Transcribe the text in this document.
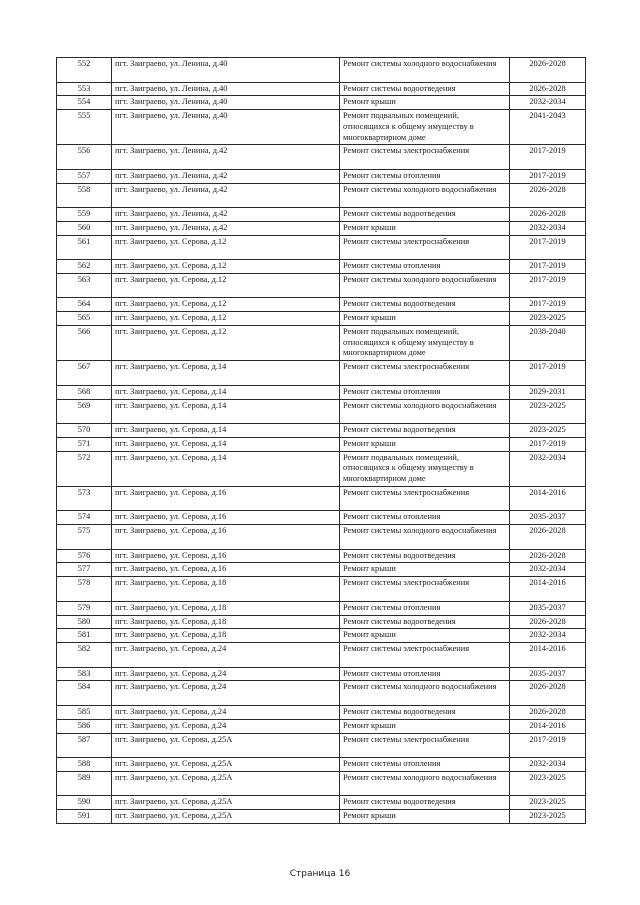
552	пгт. Заиграево, ул. Ленина, д.40	Ремонт системы холодного водоснабжения	2026-2028
553	пгт. Заиграево, ул. Ленина, д.40	Ремонт системы водоотведения	2026-2028
554	пгт. Заиграево, ул. Ленина, д.40	Ремонт крыши	2032-2034
555	пгт. Заиграево, ул. Ленина, д.40	Ремонт подвальных помещений, относящихся к общему имуществу в многоквартирном доме	2041-2043
556	пгт. Заиграево, ул. Ленина, д.42	Ремонт системы электроснабжения	2017-2019
557	пгт. Заиграево, ул. Ленина, д.42	Ремонт системы отопления	2017-2019
558	пгт. Заиграево, ул. Ленина, д.42	Ремонт системы холодного водоснабжения	2026-2028
559	пгт. Заиграево, ул. Ленина, д.42	Ремонт системы водоотведения	2026-2028
560	пгт. Заиграево, ул. Ленина, д.42	Ремонт крыши	2032-2034
561	пгт. Заиграево, ул. Серова, д.12	Ремонт системы электроснабжения	2017-2019
562	пгт. Заиграево, ул. Серова, д.12	Ремонт системы отопления	2017-2019
563	пгт. Заиграево, ул. Серова, д.12	Ремонт системы холодного водоснабжения	2017-2019
564	пгт. Заиграево, ул. Серова, д.12	Ремонт системы водоотведения	2017-2019
565	пгт. Заиграево, ул. Серова, д.12	Ремонт крыши	2023-2025
566	пгт. Заиграево, ул. Серова, д.12	Ремонт подвальных помещений, относящихся к общему имуществу в многоквартирном доме	2038-2040
567	пгт. Заиграево, ул. Серова, д.14	Ремонт системы электроснабжения	2017-2019
568	пгт. Заиграево, ул. Серова, д.14	Ремонт системы отопления	2029-2031
569	пгт. Заиграево, ул. Серова, д.14	Ремонт системы холодного водоснабжения	2023-2025
570	пгт. Заиграево, ул. Серова, д.14	Ремонт системы водоотведения	2023-2025
571	пгт. Заиграево, ул. Серова, д.14	Ремонт крыши	2017-2019
572	пгт. Заиграево, ул. Серова, д.14	Ремонт подвальных помещений, относящихся к общему имуществу в многоквартирном доме	2032-2034
573	пгт. Заиграево, ул. Серова, д.16	Ремонт системы электроснабжения	2014-2016
574	пгт. Заиграево, ул. Серова, д.16	Ремонт системы отопления	2035-2037
575	пгт. Заиграево, ул. Серова, д.16	Ремонт системы холодного водоснабжения	2026-2028
576	пгт. Заиграево, ул. Серова, д.16	Ремонт системы водоотведения	2026-2028
577	пгт. Заиграево, ул. Серова, д.16	Ремонт крыши	2032-2034
578	пгт. Заиграево, ул. Серова, д.18	Ремонт системы электроснабжения	2014-2016
579	пгт. Заиграево, ул. Серова, д.18	Ремонт системы отопления	2035-2037
580	пгт. Заиграево, ул. Серова, д.18	Ремонт системы водоотведения	2026-2028
581	пгт. Заиграево, ул. Серова, д.18	Ремонт крыши	2032-2034
582	пгт. Заиграево, ул. Серова, д.24	Ремонт системы электроснабжения	2014-2016
583	пгт. Заиграево, ул. Серова, д.24	Ремонт системы отопления	2035-2037
584	пгт. Заиграево, ул. Серова, д.24	Ремонт системы холодного водоснабжения	2026-2028
585	пгт. Заиграево, ул. Серова, д.24	Ремонт системы водоотведения	2026-2028
586	пгт. Заиграево, ул. Серова, д.24	Ремонт крыши	2014-2016
587	пгт. Заиграево, ул. Серова, д.25А	Ремонт системы электроснабжения	2017-2019
588	пгт. Заиграево, ул. Серова, д.25А	Ремонт системы отопления	2032-2034
589	пгт. Заиграево, ул. Серова, д.25А	Ремонт системы холодного водоснабжения	2023-2025
590	пгт. Заиграево, ул. Серова, д.25А	Ремонт системы водоотведения	2023-2025
591	пгт. Заиграево, ул. Серова, д.25А	Ремонт крыши	2023-2025
Страница 16
